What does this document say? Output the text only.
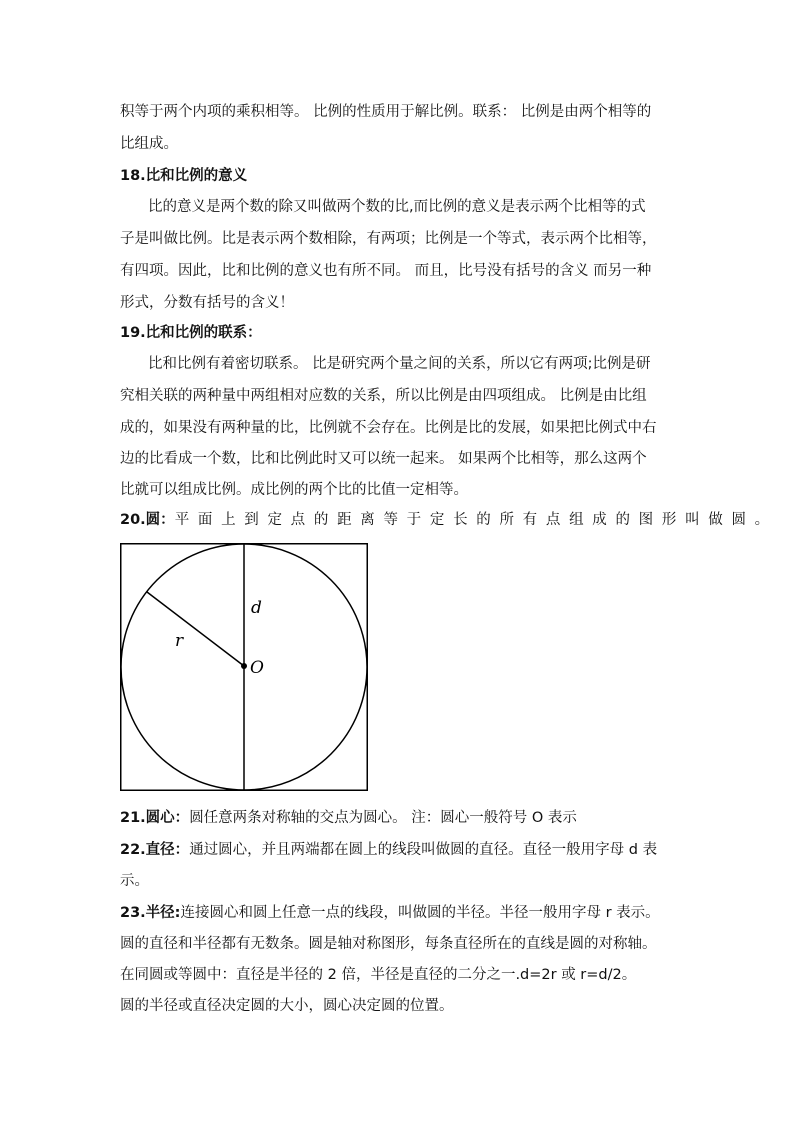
积等于两个内项的乘积相等。 比例的性质用于解比例。联系： 比例是由两个相等的
比组成。
18.比和比例的意义
比的意义是两个数的除又叫做两个数的比,而比例的意义是表示两个比相等的式
子是叫做比例。比是表示两个数相除，有两项；比例是一个等式，表示两个比相等，
有四项。因此，比和比例的意义也有所不同。 而且，比号没有括号的含义 而另一种
形式，分数有括号的含义！
19.比和比例的联系：
比和比例有着密切联系。 比是研究两个量之间的关系，所以它有两项;比例是研
究相关联的两种量中两组相对应数的关系，所以比例是由四项组成。 比例是由比组
成的，如果没有两种量的比，比例就不会存在。比例是比的发展，如果把比例式中右
边的比看成一个数，比和比例此时又可以统一起来。 如果两个比相等，那么这两个
比就可以组成比例。成比例的两个比的比值一定相等。
20.圆：平面上到定点的距离等于定长的所有点组成的图形叫做圆。
d
r
O
21.圆心：圆任意两条对称轴的交点为圆心。 注：圆心一般符号 O 表示
22.直径：通过圆心，并且两端都在圆上的线段叫做圆的直径。直径一般用字母 d 表
示。
23.半径:连接圆心和圆上任意一点的线段，叫做圆的半径。半径一般用字母 r 表示。
圆的直径和半径都有无数条。圆是轴对称图形，每条直径所在的直线是圆的对称轴。
在同圆或等圆中：直径是半径的 2 倍，半径是直径的二分之一.d=2r 或 r=d/2。
圆的半径或直径决定圆的大小，圆心决定圆的位置。
